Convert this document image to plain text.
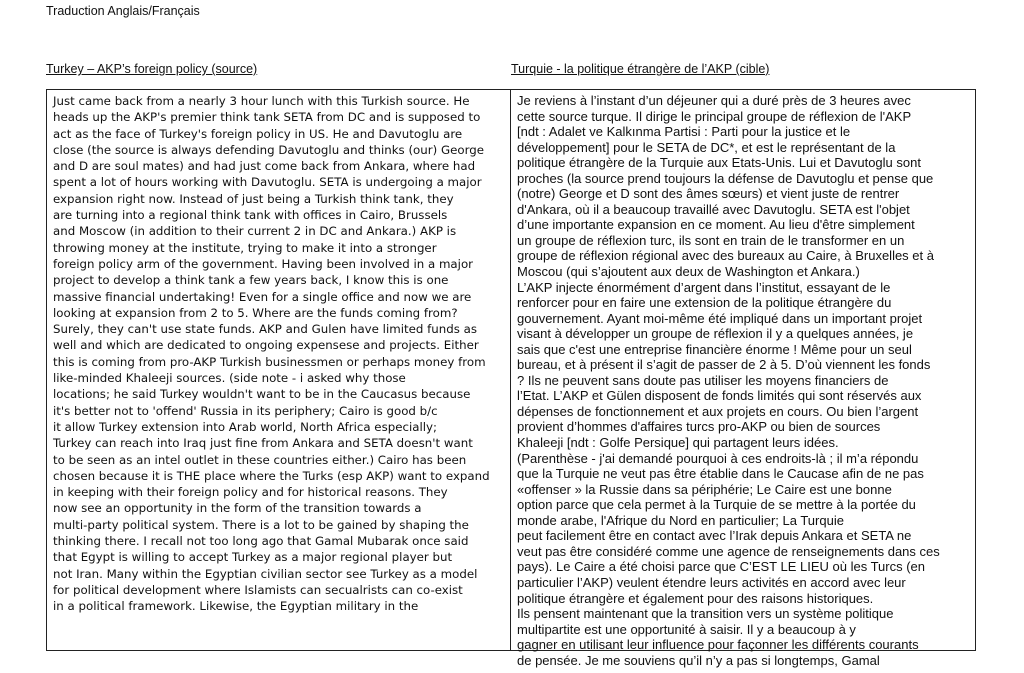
Traduction Anglais/Français
Turkey – AKP’s foreign policy (source)	Turquie - la politique étrangère de l’AKP (cible)
Just came back from a nearly 3 hour lunch with this Turkish source. He
heads up the AKP's premier think tank SETA from DC and is supposed to
act as the face of Turkey's foreign policy in US. He and Davutoglu are
close (the source is always defending Davutoglu and thinks (our) George
and D are soul mates) and had just come back from Ankara, where had
spent a lot of hours working with Davutoglu. SETA is undergoing a major
expansion right now. Instead of just being a Turkish think tank, they
are turning into a regional think tank with offices in Cairo, Brussels
and Moscow (in addition to their current 2 in DC and Ankara.) AKP is
throwing money at the institute, trying to make it into a stronger
foreign policy arm of the government. Having been involved in a major
project to develop a think tank a few years back, I know this is one
massive financial undertaking! Even for a single office and now we are
looking at expansion from 2 to 5. Where are the funds coming from?
Surely, they can't use state funds. AKP and Gulen have limited funds as
well and which are dedicated to ongoing expensese and projects. Either
this is coming from pro-AKP Turkish businessmen or perhaps money from
like-minded Khaleeji sources. (side note - i asked why those
locations; he said Turkey wouldn't want to be in the Caucasus because
it's better not to 'offend' Russia in its periphery; Cairo is good b/c
it allow Turkey extension into Arab world, North Africa especially;
Turkey can reach into Iraq just fine from Ankara and SETA doesn't want
to be seen as an intel outlet in these countries either.) Cairo has been
chosen because it is THE place where the Turks (esp AKP) want to expand
in keeping with their foreign policy and for historical reasons. They
now see an opportunity in the form of the transition towards a
multi-party political system. There is a lot to be gained by shaping the
thinking there. I recall not too long ago that Gamal Mubarak once said
that Egypt is willing to accept Turkey as a major regional player but
not Iran. Many within the Egyptian civilian sector see Turkey as a model
for political development where Islamists can secualrists can co-exist
in a political framework. Likewise, the Egyptian military in the
Je reviens à l’instant d’un déjeuner qui a duré près de 3 heures avec
cette source turque. Il dirige le principal groupe de réflexion de l'AKP
[ndt : Adalet ve Kalkınma Partisi : Parti pour la justice et le
développement] pour le SETA de DC*, et est le représentant de la
politique étrangère de la Turquie aux Etats-Unis. Lui et Davutoglu sont
proches (la source prend toujours la défense de Davutoglu et pense que
(notre) George et D sont des âmes sœurs) et vient juste de rentrer
d'Ankara, où il a beaucoup travaillé avec Davutoglu. SETA est l'objet
d’une importante expansion en ce moment. Au lieu d'être simplement
un groupe de réflexion turc, ils sont en train de le transformer en un
groupe de réflexion régional avec des bureaux au Caire, à Bruxelles et à
Moscou (qui s’ajoutent aux deux de Washington et Ankara.)
L’AKP injecte énormément d’argent dans l’institut, essayant de le
renforcer pour en faire une extension de la politique étrangère du
gouvernement. Ayant moi-même été impliqué dans un important projet
visant à développer un groupe de réflexion il y a quelques années, je
sais que c'est une entreprise financière énorme ! Même pour un seul
bureau, et à présent il s’agit de passer de 2 à 5. D’où viennent les fonds
? Ils ne peuvent sans doute pas utiliser les moyens financiers de
l’Etat. L’AKP et Gülen disposent de fonds limités qui sont réservés aux
dépenses de fonctionnement et aux projets en cours. Ou bien l’argent
provient d’hommes d'affaires turcs pro-AKP ou bien de sources
Khaleeji [ndt : Golfe Persique] qui partagent leurs idées.
(Parenthèse - j'ai demandé pourquoi à ces endroits-là ; il m’a répondu
que la Turquie ne veut pas être établie dans le Caucase afin de ne pas
«offenser » la Russie dans sa périphérie; Le Caire est une bonne
option parce que cela permet à la Turquie de se mettre à la portée du
monde arabe, l'Afrique du Nord en particulier; La Turquie
peut facilement être en contact avec l’Irak depuis Ankara et SETA ne
veut pas être considéré comme une agence de renseignements dans ces
pays). Le Caire a été choisi parce que C’EST LE LIEU où les Turcs (en
particulier l’AKP) veulent étendre leurs activités en accord avec leur
politique étrangère et également pour des raisons historiques.
Ils pensent maintenant que la transition vers un système politique
multipartite est une opportunité à saisir. Il y a beaucoup à y
gagner en utilisant leur influence pour façonner les différents courants
de pensée. Je me souviens qu’il n’y a pas si longtemps, Gamal
